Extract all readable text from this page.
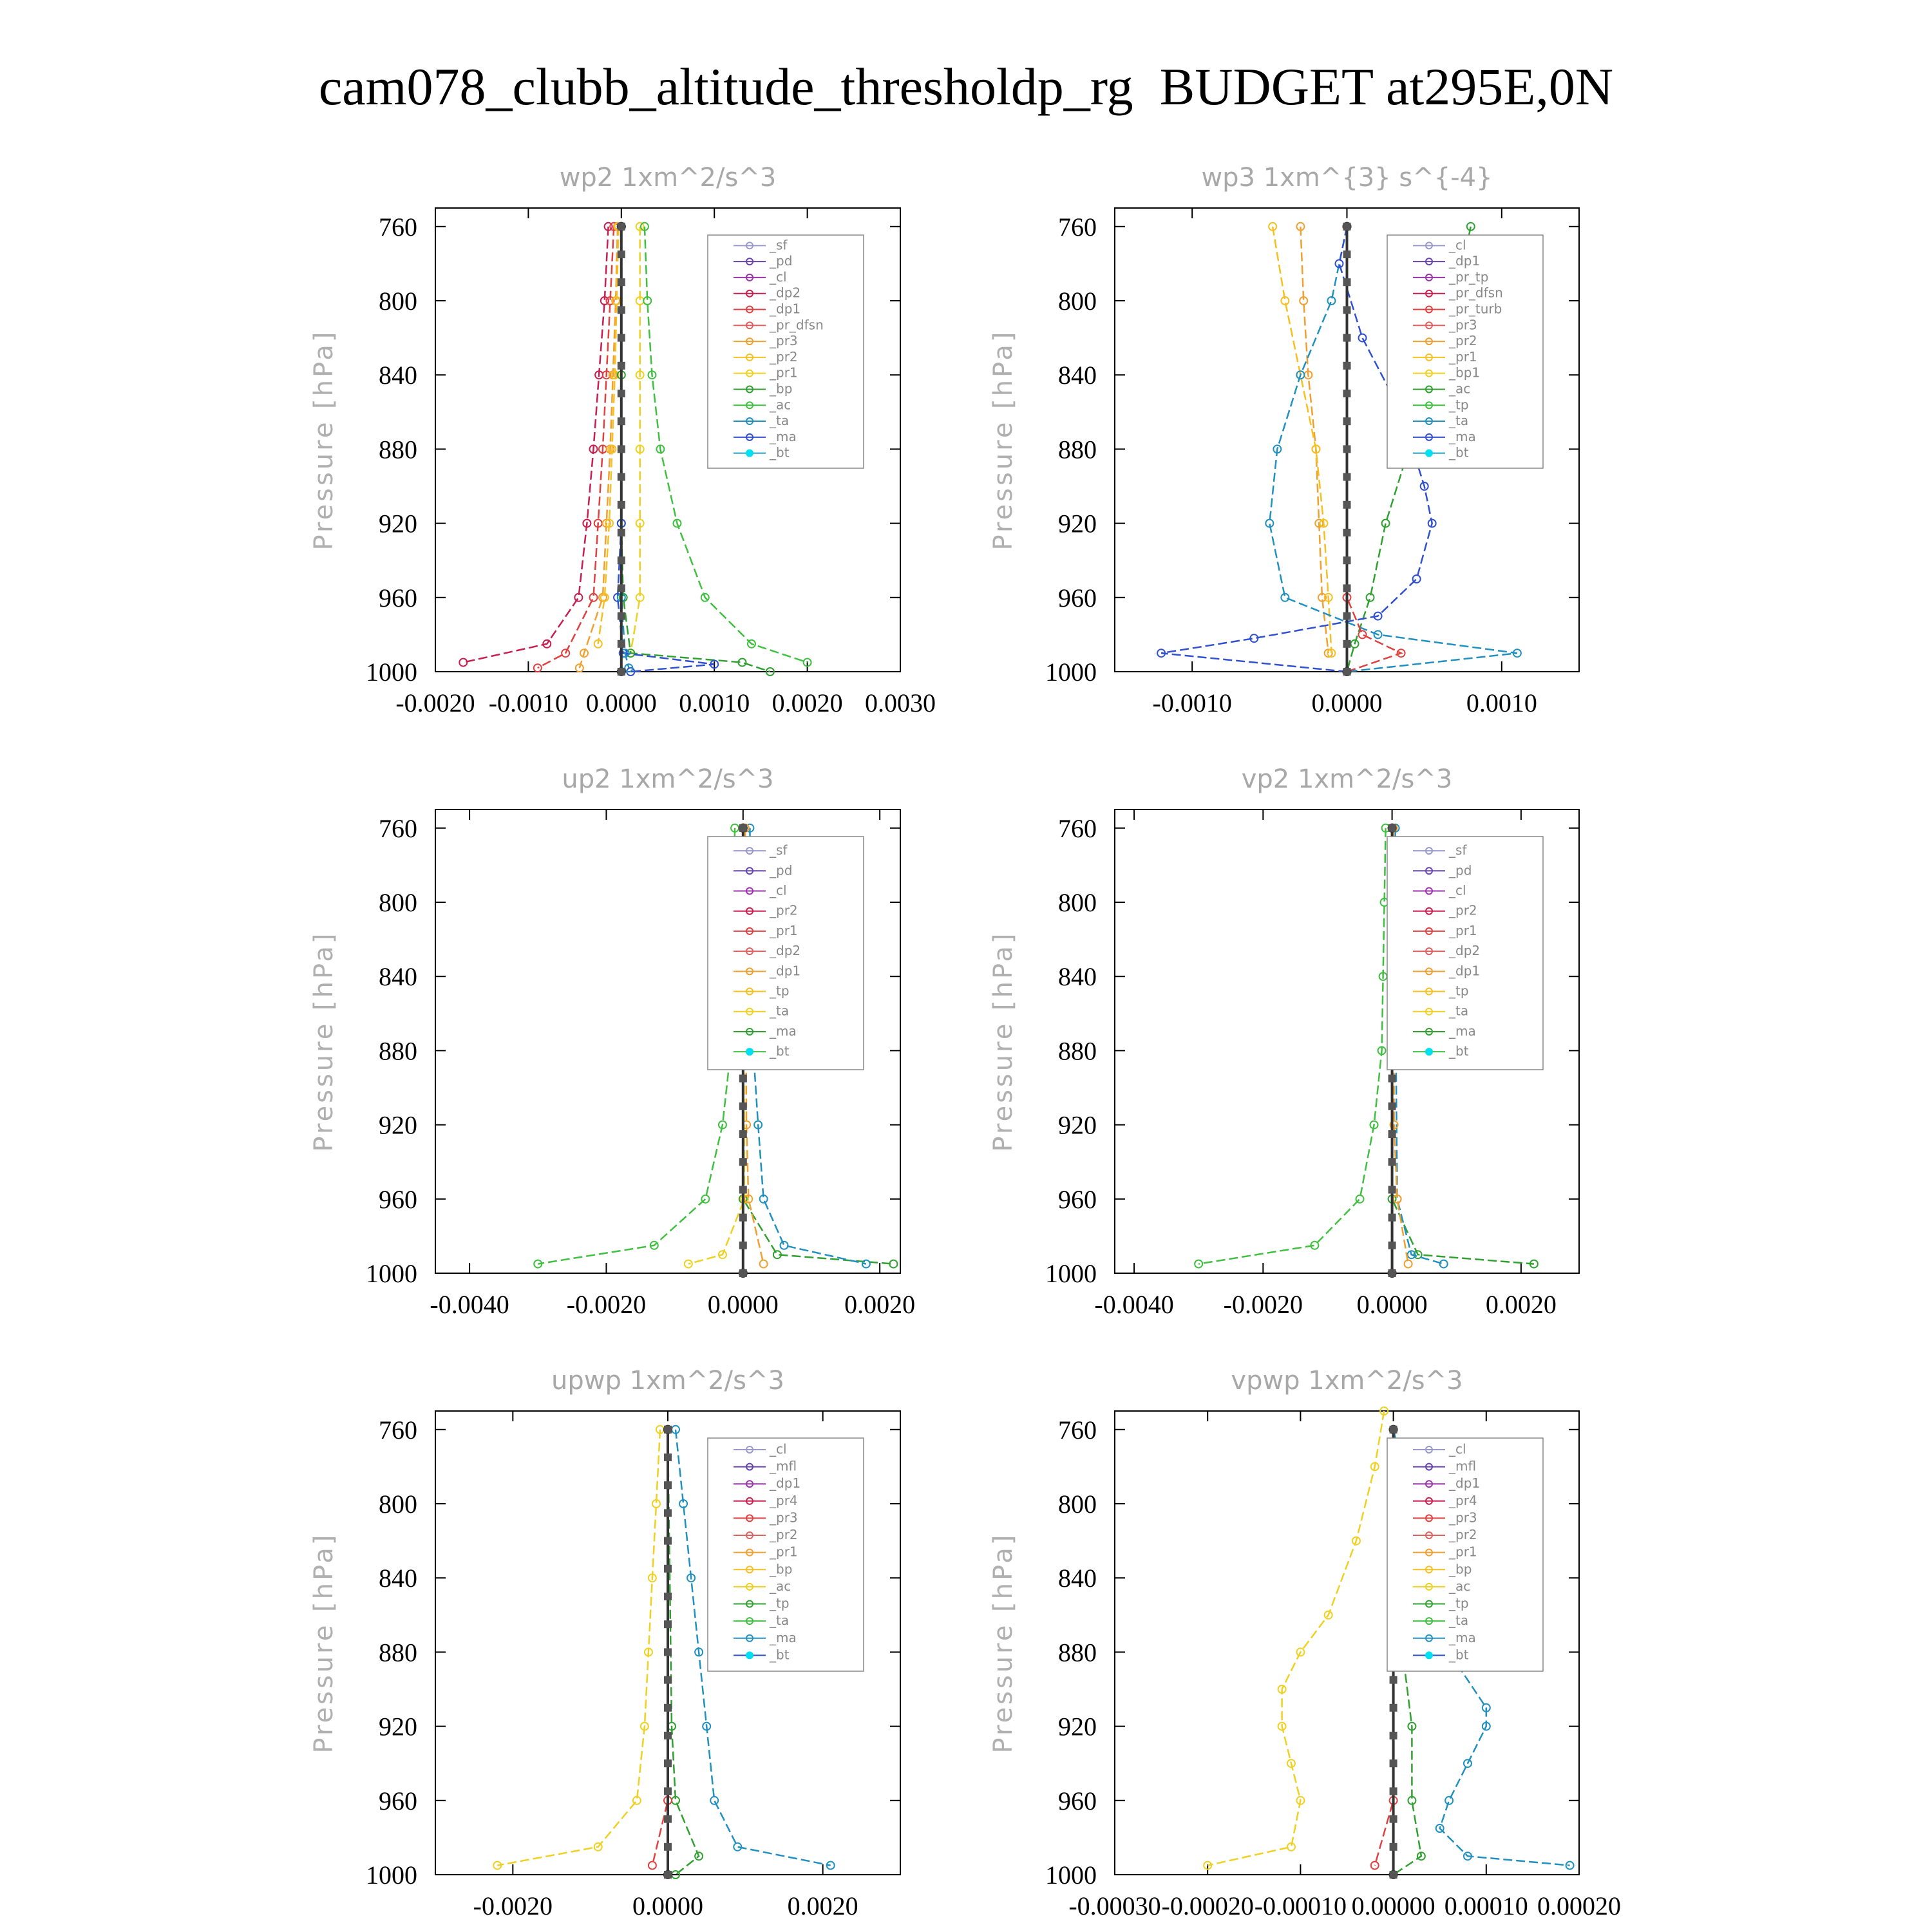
cam078_clubb_altitude_thresholdp_rg  BUDGET at295E,0N
wp2 1xm^2/s^3
Pressure [hPa]
760
800
840
880
920
960
1000
-0.0020 -0.0010 0.0000 0.0010 0.0020 0.0030
_sf
_pd
_cl
_dp2
_dp1
_pr_dfsn
_pr3
_pr2
_pr1
_bp
_ac
_ta
_ma
_bt
wp3 1xm^{3} s^{-4}
Pressure [hPa]
760
800
840
880
920
960
1000
-0.0010	0.0000	0.0010
_cl
_dp1
_pr_tp
_pr_dfsn
_pr_turb
_pr3
_pr2
_pr1
_bp1
_ac
_tp
_ta
_ma
_bt
up2 1xm^2/s^3
Pressure [hPa]
760
800
840
880
920
960
1000
-0.0040 -0.0020 0.0000	0.0020
_sf
_pd
_cl
_pr2
_pr1
_dp2
_dp1
_tp
_ta
_ma
_bt
vp2 1xm^2/s^3
Pressure [hPa]
760
800
840
880
920
960
1000
-0.0040 -0.0020 0.0000 0.0020
_sf
_pd
_cl
_pr2
_pr1
_dp2
_dp1
_tp
_ta
_ma
_bt
upwp 1xm^2/s^3
Pressure [hPa]
760
800
840
880
920
960
1000
-0.0020	0.0000	0.0020
_cl
_mfl
_dp1
_pr4
_pr3
_pr2
_pr1
_bp
_ac
_tp
_ta
_ma
_bt
vpwp 1xm^2/s^3
Pressure [hPa]
760
800
840
880
920
960
1000
-0.00030 -0.00020 -0.00010 0.00000 0.00010 0.00020
_cl
_mfl
_dp1
_pr4
_pr3
_pr2
_pr1
_bp
_ac
_tp
_ta
_ma
_bt
